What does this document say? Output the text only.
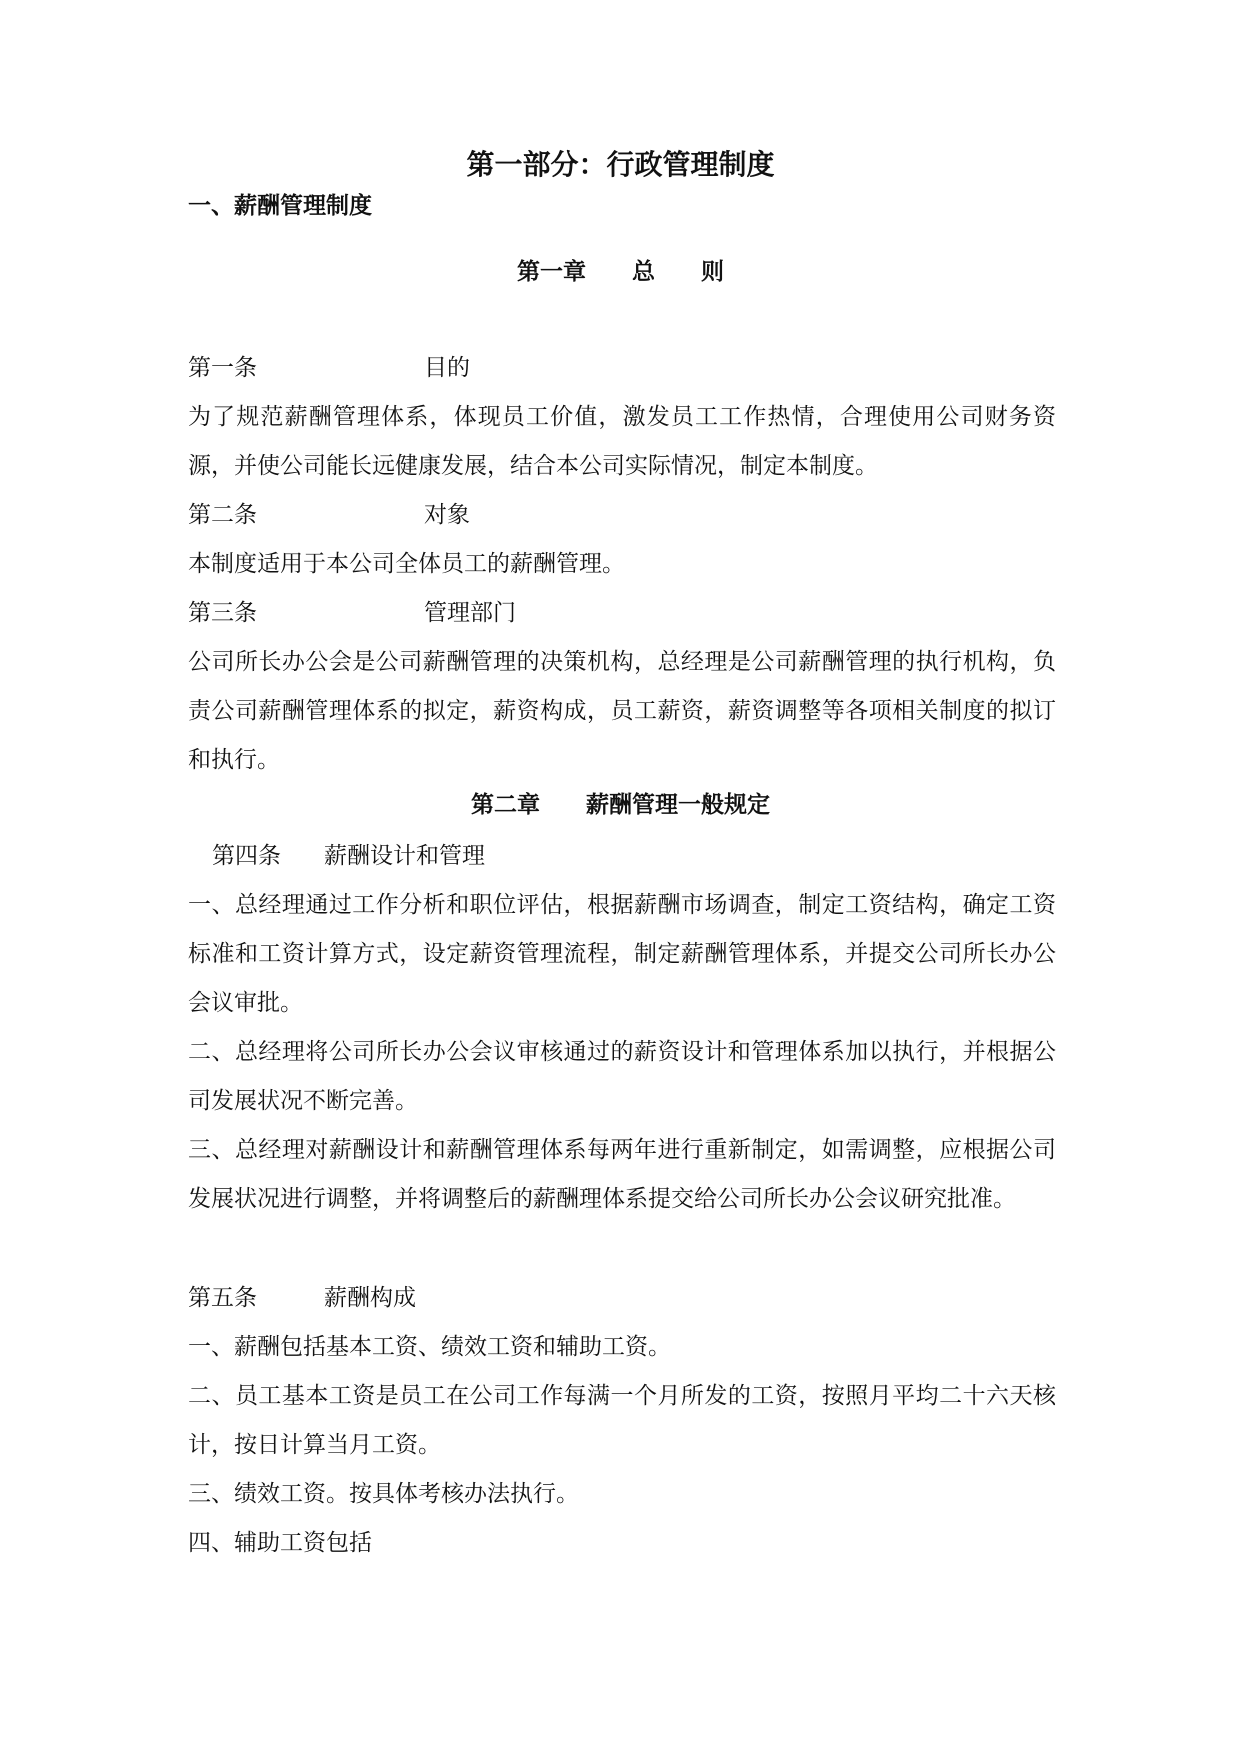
第一部分：行政管理制度
一、薪酬管理制度
第一章　　总　　则
第一条	目的
为了规范薪酬管理体系，体现员工价值，激发员工工作热情，合理使用公司财务资源，并使公司能长远健康发展，结合本公司实际情况，制定本制度。
第二条	对象
本制度适用于本公司全体员工的薪酬管理。
第三条	管理部门
公司所长办公会是公司薪酬管理的决策机构，总经理是公司薪酬管理的执行机构，负责公司薪酬管理体系的拟定，薪资构成，员工薪资，薪资调整等各项相关制度的拟订和执行。
第二章　　薪酬管理一般规定
第四条 薪酬设计和管理
一、总经理通过工作分析和职位评估，根据薪酬市场调查，制定工资结构，确定工资标准和工资计算方式，设定薪资管理流程，制定薪酬管理体系，并提交公司所长办公会议审批。
二、总经理将公司所长办公会议审核通过的薪资设计和管理体系加以执行，并根据公司发展状况不断完善。
三、总经理对薪酬设计和薪酬管理体系每两年进行重新制定，如需调整，应根据公司发展状况进行调整，并将调整后的薪酬理体系提交给公司所长办公会议研究批准。
第五条	薪酬构成
一、薪酬包括基本工资、绩效工资和辅助工资。
二、员工基本工资是员工在公司工作每满一个月所发的工资，按照月平均二十六天核计，按日计算当月工资。
三、绩效工资。按具体考核办法执行。
四、辅助工资包括
